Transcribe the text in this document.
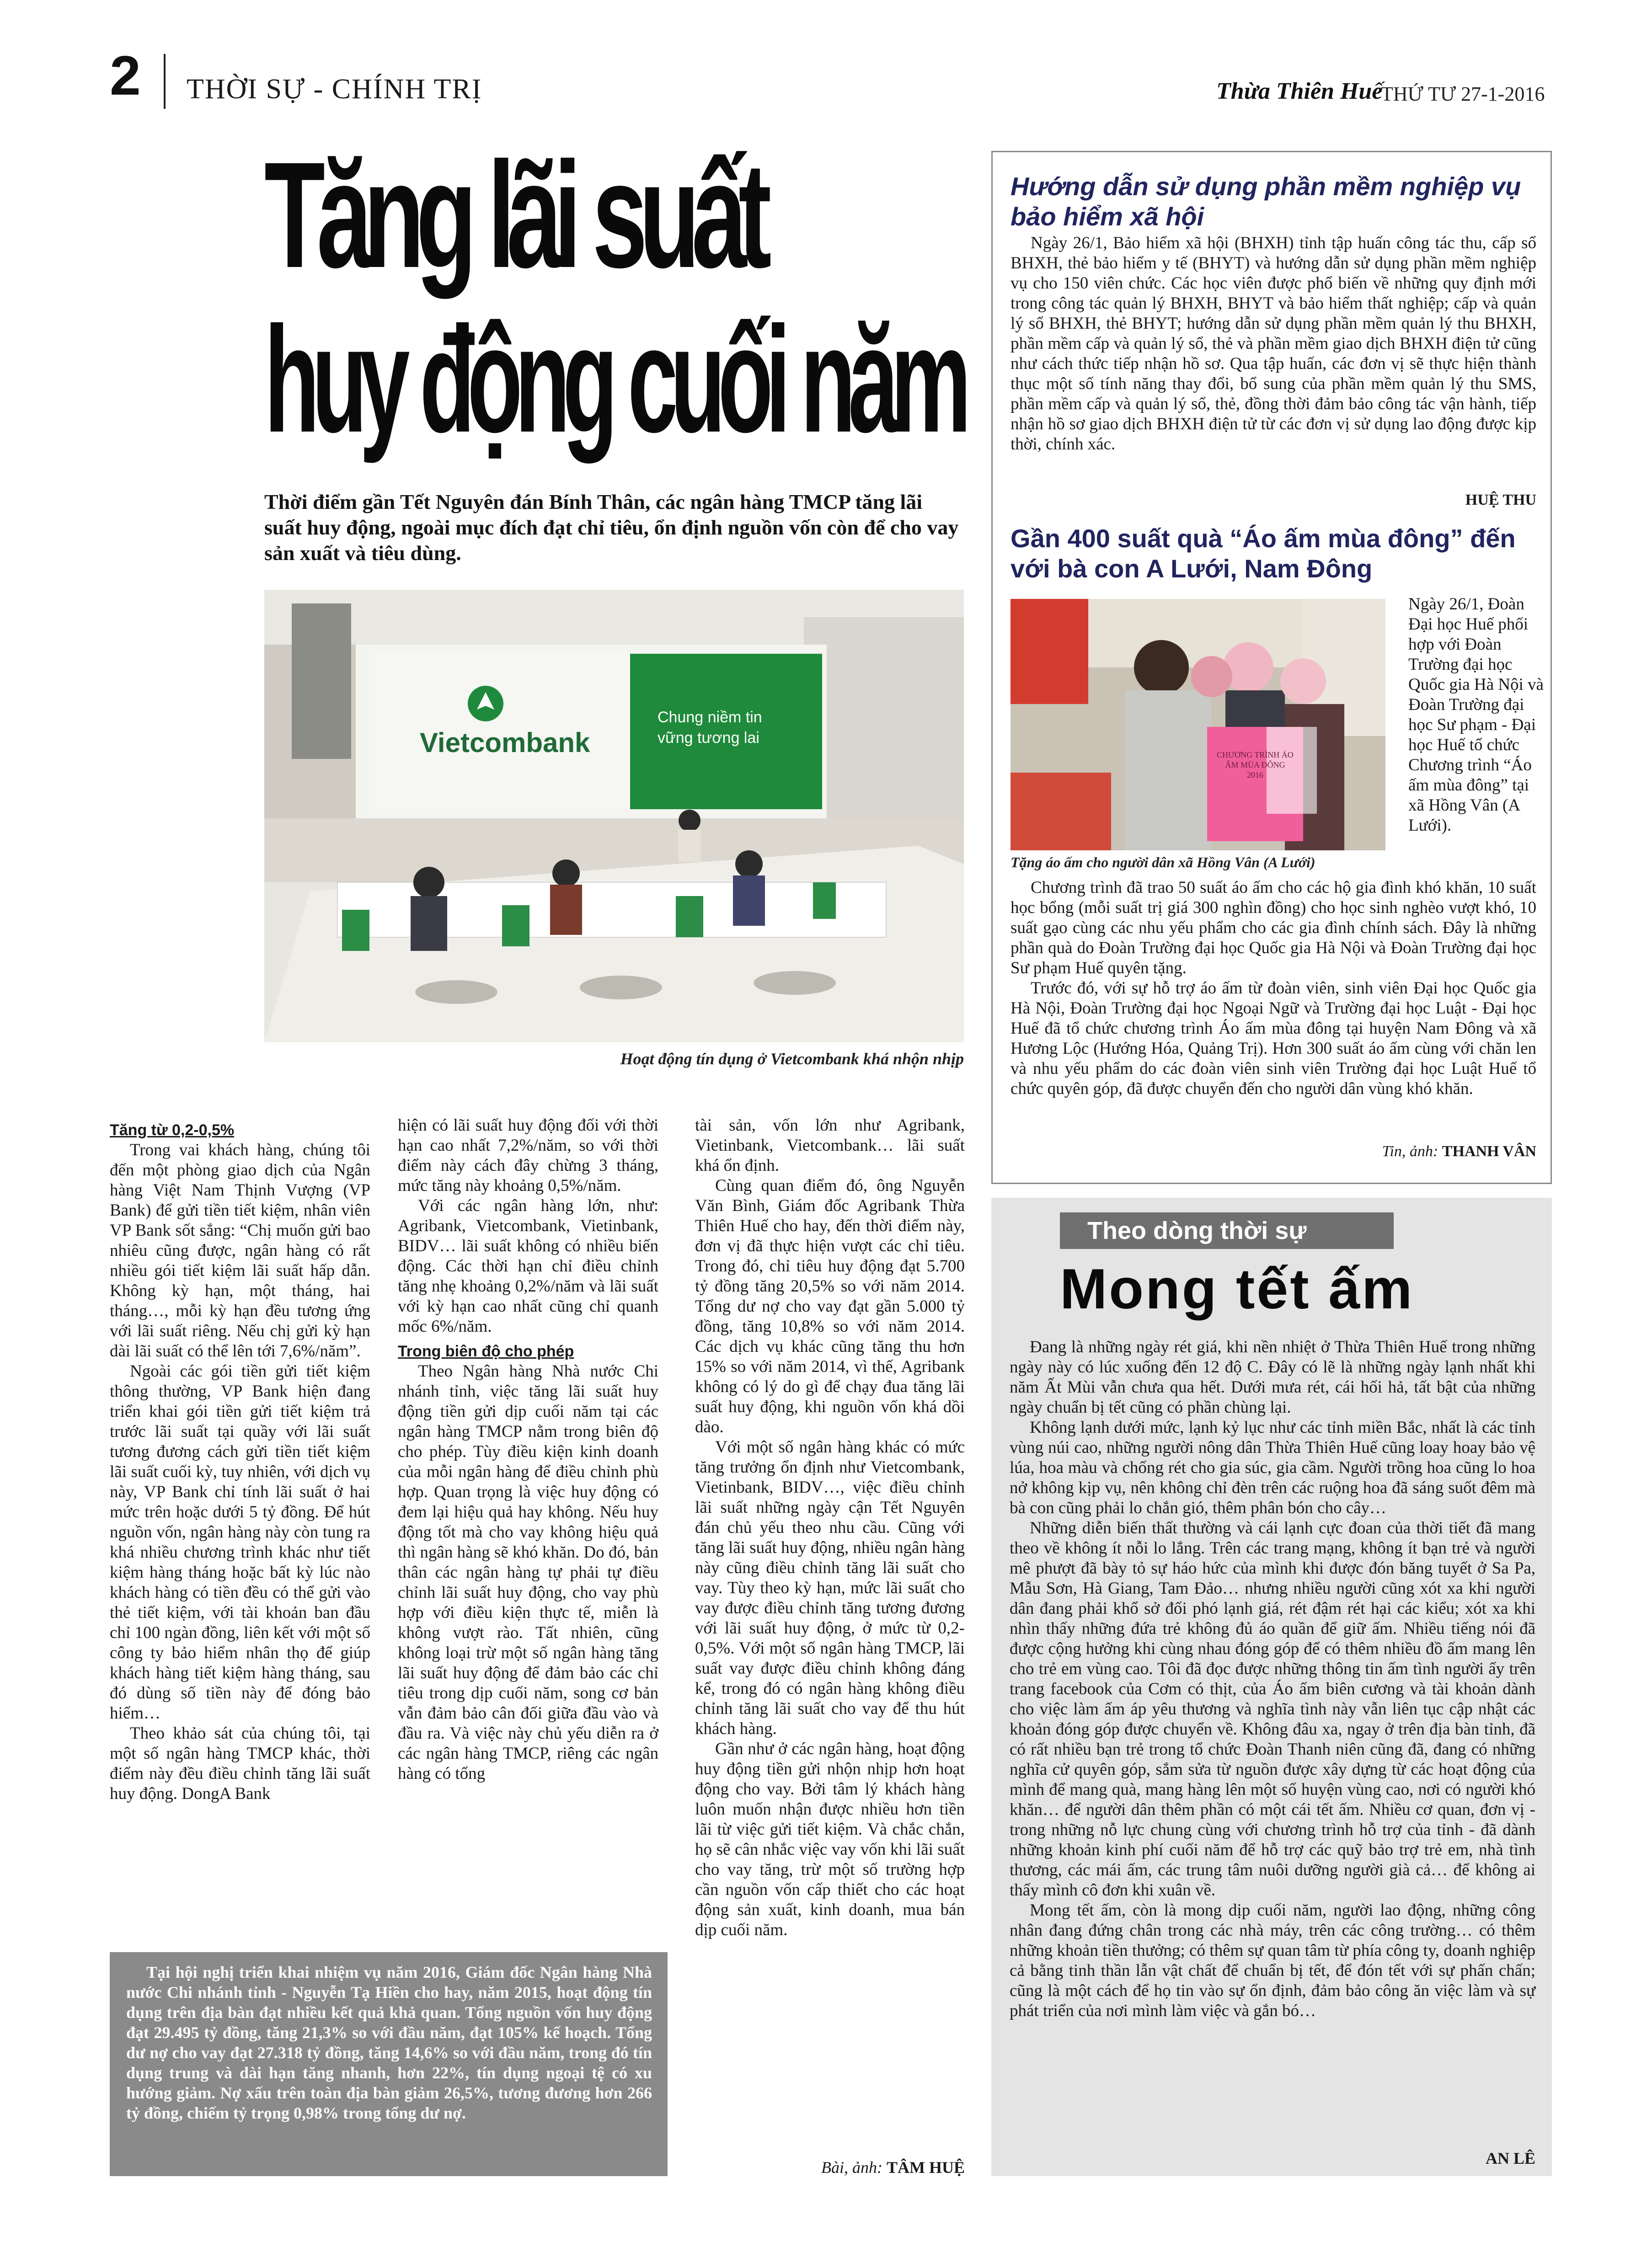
2 THỜI SỰ - CHÍNH TRỊ	Thừa Thiên Huế
THỨ TƯ 27-1-2016
Tăng lãi suất
huy động cuối năm
Thời điểm gần Tết Nguyên đán Bính Thân, các ngân hàng TMCP tăng lãi suất huy động, ngoài mục đích đạt chỉ tiêu, ổn định nguồn vốn còn để cho vay sản xuất và tiêu dùng.
Vietcombank
Chung niềm tin
vững tương lai
Hoạt động tín dụng ở Vietcombank khá nhộn nhịp

Tăng từ 0,2-0,5%

Trong vai khách hàng, chúng tôi đến một phòng giao dịch của Ngân hàng Việt Nam Thịnh Vượng (VP Bank) để gửi tiền tiết kiệm, nhân viên VP Bank sốt sắng: “Chị muốn gửi bao nhiêu cũng được, ngân hàng có rất nhiều gói tiết kiệm lãi suất hấp dẫn. Không kỳ hạn, một tháng, hai tháng…, mỗi kỳ hạn đều tương ứng với lãi suất riêng. Nếu chị gửi kỳ hạn dài lãi suất có thể lên tới 7,6%/năm”.

Ngoài các gói tiền gửi tiết kiệm thông thường, VP Bank hiện đang triển khai gói tiền gửi tiết kiệm trả trước lãi suất tại quầy với lãi suất tương đương cách gửi tiền tiết kiệm lãi suất cuối kỳ, tuy nhiên, với dịch vụ này, VP Bank chỉ tính lãi suất ở hai mức trên hoặc dưới 5 tỷ đồng. Để hút nguồn vốn, ngân hàng này còn tung ra khá nhiều chương trình khác như tiết kiệm hàng tháng hoặc bất kỳ lúc nào khách hàng có tiền đều có thể gửi vào thẻ tiết kiệm, với tài khoản ban đầu chỉ 100 ngàn đồng, liên kết với một số công ty bảo hiểm nhân thọ để giúp khách hàng tiết kiệm hàng tháng, sau đó dùng số tiền này để đóng bảo hiểm…

Theo khảo sát của chúng tôi, tại một số ngân hàng TMCP khác, thời điểm này đều điều chỉnh tăng lãi suất huy động. DongA Bank

hiện có lãi suất huy động đối với thời hạn cao nhất 7,2%/năm, so với thời điểm này cách đây chừng 3 tháng, mức tăng này khoảng 0,5%/năm.

Với các ngân hàng lớn, như: Agribank, Vietcombank, Vietinbank, BIDV… lãi suất không có nhiều biến động. Các thời hạn chỉ điều chỉnh tăng nhẹ khoảng 0,2%/năm và lãi suất với kỳ hạn cao nhất cũng chỉ quanh mốc 6%/năm.

Trong biên độ cho phép

Theo Ngân hàng Nhà nước Chi nhánh tỉnh, việc tăng lãi suất huy động tiền gửi dịp cuối năm tại các ngân hàng TMCP nằm trong biên độ cho phép. Tùy điều kiện kinh doanh của mỗi ngân hàng để điều chỉnh phù hợp. Quan trọng là việc huy động có đem lại hiệu quả hay không. Nếu huy động tốt mà cho vay không hiệu quả thì ngân hàng sẽ khó khăn. Do đó, bản thân các ngân hàng tự phải tự điều chỉnh lãi suất huy động, cho vay phù hợp với điều kiện thực tế, miễn là không vượt rào. Tất nhiên, cũng không loại trừ một số ngân hàng tăng lãi suất huy động để đảm bảo các chỉ tiêu trong dịp cuối năm, song cơ bản vẫn đảm bảo cân đối giữa đầu vào và đầu ra. Và việc này chủ yếu diễn ra ở các ngân hàng TMCP, riêng các ngân hàng có tổng

tài sản, vốn lớn như Agribank, Vietinbank, Vietcombank… lãi suất khá ổn định.

Cùng quan điểm đó, ông Nguyễn Văn Bình, Giám đốc Agribank Thừa Thiên Huế cho hay, đến thời điểm này, đơn vị đã thực hiện vượt các chỉ tiêu. Trong đó, chỉ tiêu huy động đạt 5.700 tỷ đồng tăng 20,5% so với năm 2014. Tổng dư nợ cho vay đạt gần 5.000 tỷ đồng, tăng 10,8% so với năm 2014. Các dịch vụ khác cũng tăng thu hơn 15% so với năm 2014, vì thế, Agribank không có lý do gì để chạy đua tăng lãi suất huy động, khi nguồn vốn khá dồi dào.

Với một số ngân hàng khác có mức tăng trưởng ổn định như Vietcombank, Vietinbank, BIDV…, việc điều chỉnh lãi suất những ngày cận Tết Nguyên đán chủ yếu theo nhu cầu. Cũng với tăng lãi suất huy động, nhiều ngân hàng này cũng điều chỉnh tăng lãi suất cho vay. Tùy theo kỳ hạn, mức lãi suất cho vay được điều chỉnh tăng tương đương với lãi suất huy động, ở mức từ 0,2-0,5%. Với một số ngân hàng TMCP, lãi suất vay được điều chỉnh không đáng kể, trong đó có ngân hàng không điều chỉnh tăng lãi suất cho vay để thu hút khách hàng.

Gần như ở các ngân hàng, hoạt động huy động tiền gửi nhộn nhịp hơn hoạt động cho vay. Bởi tâm lý khách hàng luôn muốn nhận được nhiều hơn tiền lãi từ việc gửi tiết kiệm. Và chắc chắn, họ sẽ cân nhắc việc vay vốn khi lãi suất cho vay tăng, trừ một số trường hợp cần nguồn vốn cấp thiết cho các hoạt động sản xuất, kinh doanh, mua bán dịp cuối năm.

Bài, ảnh: TÂM HUỆ
Tại hội nghị triển khai nhiệm vụ năm 2016, Giám đốc Ngân hàng Nhà nước Chi nhánh tỉnh - Nguyễn Tạ Hiền cho hay, năm 2015, hoạt động tín dụng trên địa bàn đạt nhiều kết quả khả quan. Tổng nguồn vốn huy động đạt 29.495 tỷ đồng, tăng 21,3% so với đầu năm, đạt 105% kế hoạch. Tổng dư nợ cho vay đạt 27.318 tỷ đồng, tăng 14,6% so với đầu năm, trong đó tín dụng trung và dài hạn tăng nhanh, hơn 22%, tín dụng ngoại tệ có xu hướng giảm. Nợ xấu trên toàn địa bàn giảm 26,5%, tương đương hơn 266 tỷ đồng, chiếm tỷ trọng 0,98% trong tổng dư nợ.
Hướng dẫn sử dụng phần mềm nghiệp vụ bảo hiểm xã hội

Ngày 26/1, Bảo hiểm xã hội (BHXH) tỉnh tập huấn công tác thu, cấp sổ BHXH, thẻ bảo hiểm y tế (BHYT) và hướng dẫn sử dụng phần mềm nghiệp vụ cho 150 viên chức. Các học viên được phổ biến về những quy định mới trong công tác quản lý BHXH, BHYT và bảo hiểm thất nghiệp; cấp và quản lý sổ BHXH, thẻ BHYT; hướng dẫn sử dụng phần mềm quản lý thu BHXH, phần mềm cấp và quản lý sổ, thẻ và phần mềm giao dịch BHXH điện tử cũng như cách thức tiếp nhận hồ sơ. Qua tập huấn, các đơn vị sẽ thực hiện thành thục một số tính năng thay đổi, bổ sung của phần mềm quản lý thu SMS, phần mềm cấp và quản lý sổ, thẻ, đồng thời đảm bảo công tác vận hành, tiếp nhận hồ sơ giao dịch BHXH điện tử từ các đơn vị sử dụng lao động được kịp thời, chính xác.

HUỆ THU
Gần 400 suất quà “Áo ấm mùa đông” đến với bà con A Lưới, Nam Đông
CHƯƠNG TRÌNH ÁO ẤM MÙA ĐÔNG 2016
Tặng áo ấm cho người dân xã Hồng Vân (A Lưới)
Ngày 26/1, Đoàn Đại học Huế phối hợp với Đoàn Trường đại học Quốc gia Hà Nội và Đoàn Trường đại học Sư phạm - Đại học Huế tổ chức Chương trình “Áo ấm mùa đông” tại xã Hồng Vân (A Lưới).

Chương trình đã trao 50 suất áo ấm cho các hộ gia đình khó khăn, 10 suất học bổng (mỗi suất trị giá 300 nghìn đồng) cho học sinh nghèo vượt khó, 10 suất gạo cùng các nhu yếu phẩm cho các gia đình chính sách. Đây là những phần quà do Đoàn Trường đại học Quốc gia Hà Nội và Đoàn Trường đại học Sư phạm Huế quyên tặng.

Trước đó, với sự hỗ trợ áo ấm từ đoàn viên, sinh viên Đại học Quốc gia Hà Nội, Đoàn Trường đại học Ngoại Ngữ và Trường đại học Luật - Đại học Huế đã tổ chức chương trình Áo ấm mùa đông tại huyện Nam Đông và xã Hương Lộc (Hướng Hóa, Quảng Trị). Hơn 300 suất áo ấm cùng với chăn len và nhu yếu phẩm do các đoàn viên sinh viên Trường đại học Luật Huế tổ chức quyên góp, đã được chuyển đến cho người dân vùng khó khăn.

Tin, ảnh: THANH VÂN
Theo dòng thời sự
Mong tết ấm

Đang là những ngày rét giá, khi nền nhiệt ở Thừa Thiên Huế trong những ngày này có lúc xuống đến 12 độ C. Đây có lẽ là những ngày lạnh nhất khi năm Ất Mùi vẫn chưa qua hết. Dưới mưa rét, cái hối hả, tất bật của những ngày chuẩn bị tết cũng có phần chùng lại.

Không lạnh dưới mức, lạnh kỷ lục như các tỉnh miền Bắc, nhất là các tỉnh vùng núi cao, những người nông dân Thừa Thiên Huế cũng loay hoay bảo vệ lúa, hoa màu và chống rét cho gia súc, gia cầm. Người trồng hoa cũng lo hoa nở không kịp vụ, nên không chỉ đèn trên các ruộng hoa đã sáng suốt đêm mà bà con cũng phải lo chắn gió, thêm phân bón cho cây…

Những diễn biến thất thường và cái lạnh cực đoan của thời tiết đã mang theo về không ít nỗi lo lắng. Trên các trang mạng, không ít bạn trẻ và người mê phượt đã bày tỏ sự háo hức của mình khi được đón băng tuyết ở Sa Pa, Mẫu Sơn, Hà Giang, Tam Đảo… nhưng nhiều người cũng xót xa khi người dân đang phải khổ sở đối phó lạnh giá, rét đậm rét hại các kiểu; xót xa khi nhìn thấy những đứa trẻ không đủ áo quần để giữ ấm. Nhiều tiếng nói đã được cộng hưởng khi cùng nhau đóng góp để có thêm nhiều đồ ấm mang lên cho trẻ em vùng cao. Tôi đã đọc được những thông tin ấm tình người ấy trên trang facebook của Cơm có thịt, của Áo ấm biên cương và tài khoản dành cho việc làm ấm áp yêu thương và nghĩa tình này vẫn liên tục cập nhật các khoản đóng góp được chuyển về. Không đâu xa, ngay ở trên địa bàn tỉnh, đã có rất nhiều bạn trẻ trong tổ chức Đoàn Thanh niên cũng đã, đang có những nghĩa cử quyên góp, sắm sửa từ nguồn được xây dựng từ các hoạt động của mình để mang quà, mang hàng lên một số huyện vùng cao, nơi có người khó khăn… để người dân thêm phần có một cái tết ấm. Nhiều cơ quan, đơn vị - trong những nỗ lực chung cùng với chương trình hỗ trợ của tỉnh - đã dành những khoản kinh phí cuối năm để hỗ trợ các quỹ bảo trợ trẻ em, nhà tình thương, các mái ấm, các trung tâm nuôi dưỡng người già cả… để không ai thấy mình cô đơn khi xuân về.

Mong tết ấm, còn là mong dịp cuối năm, người lao động, những công nhân đang đứng chân trong các nhà máy, trên các công trường… có thêm những khoản tiền thưởng; có thêm sự quan tâm từ phía công ty, doanh nghiệp cả bằng tinh thần lẫn vật chất để chuẩn bị tết, để đón tết với sự phấn chấn; cũng là một cách để họ tin vào sự ổn định, đảm bảo công ăn việc làm và sự phát triển của nơi mình làm việc và gắn bó…

AN LÊ
